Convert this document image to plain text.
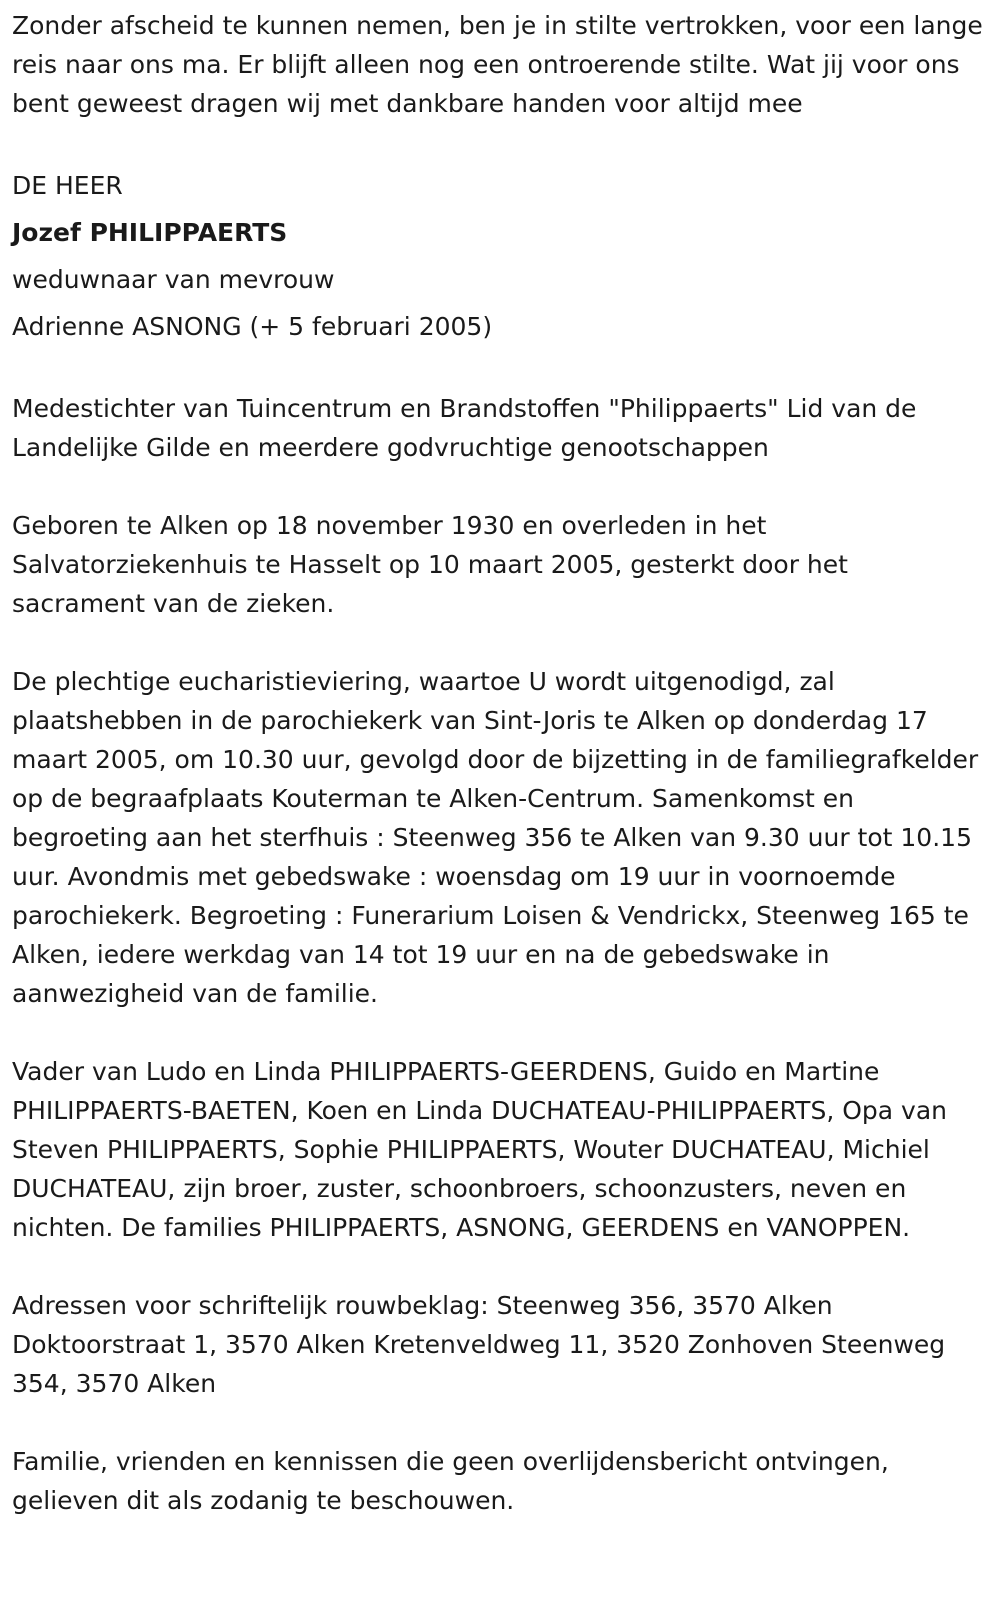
Zonder afscheid te kunnen nemen, ben je in stilte vertrokken, voor een lange reis naar ons ma. Er blijft alleen nog een ontroerende stilte. Wat jij voor ons bent geweest dragen wij met dankbare handen voor altijd mee

DE HEER

Jozef PHILIPPAERTS

weduwnaar van mevrouw

Adrienne ASNONG (+ 5 februari 2005)

Medestichter van Tuincentrum en Brandstoffen "Philippaerts" Lid van de Landelijke Gilde en meerdere godvruchtige genootschappen

Geboren te Alken op 18 november 1930 en overleden in het Salvatorziekenhuis te Hasselt op 10 maart 2005, gesterkt door het sacrament van de zieken.

De plechtige eucharistieviering, waartoe U wordt uitgenodigd, zal plaatshebben in de parochiekerk van Sint-Joris te Alken op donderdag 17 maart 2005, om 10.30 uur, gevolgd door de bijzetting in de familiegrafkelder op de begraafplaats Kouterman te Alken-Centrum. Samenkomst en begroeting aan het sterfhuis : Steenweg 356 te Alken van 9.30 uur tot 10.15 uur. Avondmis met gebedswake : woensdag om 19 uur in voornoemde parochiekerk. Begroeting : Funerarium Loisen & Vendrickx, Steenweg 165 te Alken, iedere werkdag van 14 tot 19 uur en na de gebedswake in aanwezigheid van de familie.

Vader van Ludo en Linda PHILIPPAERTS-GEERDENS, Guido en Martine PHILIPPAERTS-BAETEN, Koen en Linda DUCHATEAU-PHILIPPAERTS, Opa van Steven PHILIPPAERTS, Sophie PHILIPPAERTS, Wouter DUCHATEAU, Michiel DUCHATEAU, zijn broer, zuster, schoonbroers, schoonzusters, neven en nichten. De families PHILIPPAERTS, ASNONG, GEERDENS en VANOPPEN.

Adressen voor schriftelijk rouwbeklag: Steenweg 356, 3570 Alken Doktoorstraat 1, 3570 Alken Kretenveldweg 11, 3520 Zonhoven Steenweg 354, 3570 Alken

Familie, vrienden en kennissen die geen overlijdensbericht ontvingen, gelieven dit als zodanig te beschouwen.
